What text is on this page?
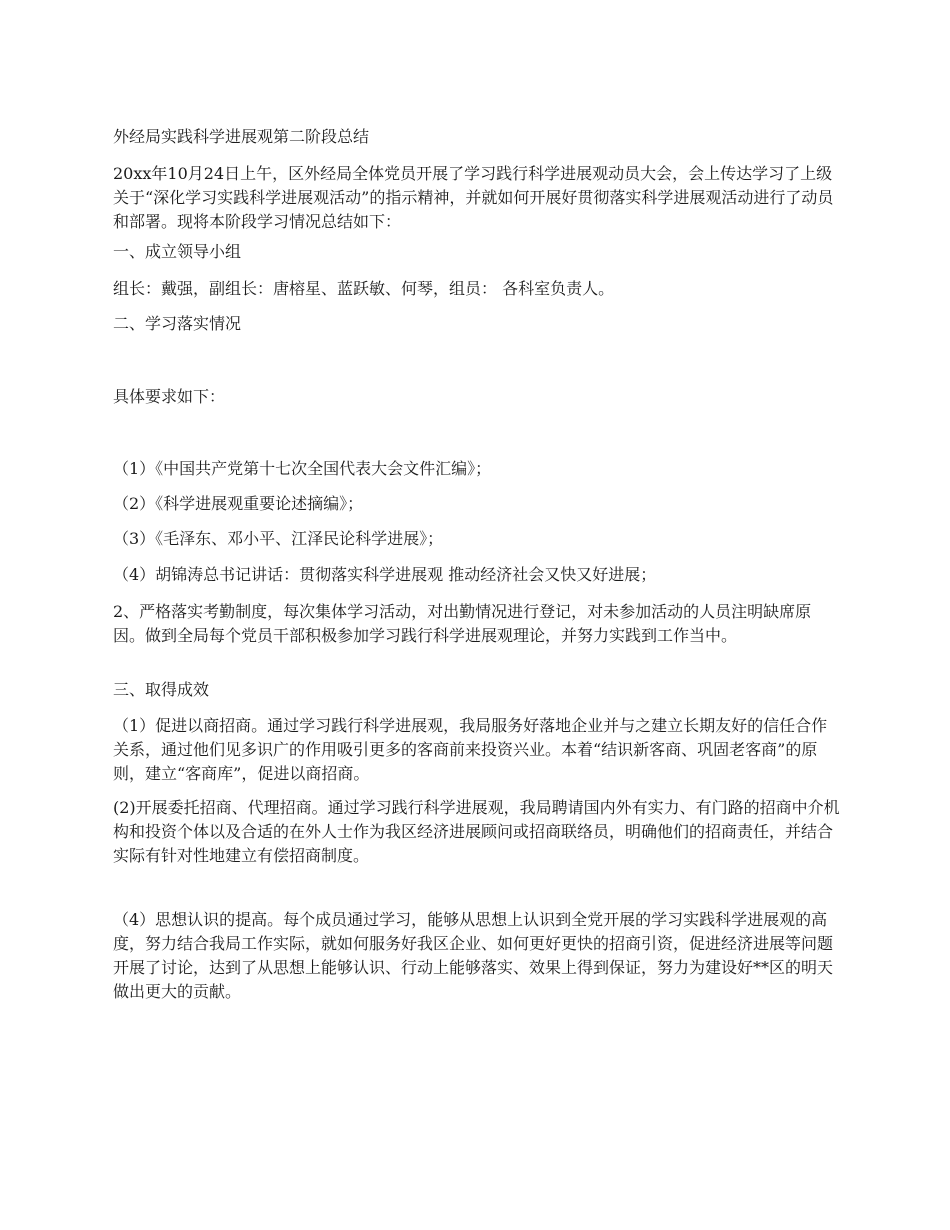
外经局实践科学进展观第二阶段总结

20xx年10月24日上午，区外经局全体党员开展了学习践行科学进展观动员大会，会上传达学习了上级关于“深化学习实践科学进展观活动”的指示精神，并就如何开展好贯彻落实科学进展观活动进行了动员和部署。现将本阶段学习情况总结如下：

一、成立领导小组

组长：戴强，副组长：唐榕星、蓝跃敏、何琴，组员： 各科室负责人。

二、学习落实情况

具体要求如下：

（1）《中国共产党第十七次全国代表大会文件汇编》；

（2）《科学进展观重要论述摘编》；

（3）《毛泽东、邓小平、江泽民论科学进展》；

（4）胡锦涛总书记讲话：贯彻落实科学进展观 推动经济社会又快又好进展；

2、严格落实考勤制度，每次集体学习活动，对出勤情况进行登记，对未参加活动的人员注明缺席原因。做到全局每个党员干部积极参加学习践行科学进展观理论，并努力实践到工作当中。

三、取得成效

（1）促进以商招商。通过学习践行科学进展观，我局服务好落地企业并与之建立长期友好的信任合作关系，通过他们见多识广的作用吸引更多的客商前来投资兴业。本着“结识新客商、巩固老客商”的原则，建立“客商库”，促进以商招商。

(2)开展委托招商、代理招商。通过学习践行科学进展观，我局聘请国内外有实力、有门路的招商中介机构和投资个体以及合适的在外人士作为我区经济进展顾问或招商联络员，明确他们的招商责任，并结合实际有针对性地建立有偿招商制度。

（4）思想认识的提高。每个成员通过学习，能够从思想上认识到全党开展的学习实践科学进展观的高度，努力结合我局工作实际，就如何服务好我区企业、如何更好更快的招商引资，促进经济进展等问题开展了讨论，达到了从思想上能够认识、行动上能够落实、效果上得到保证，努力为建设好**区的明天做出更大的贡献。
